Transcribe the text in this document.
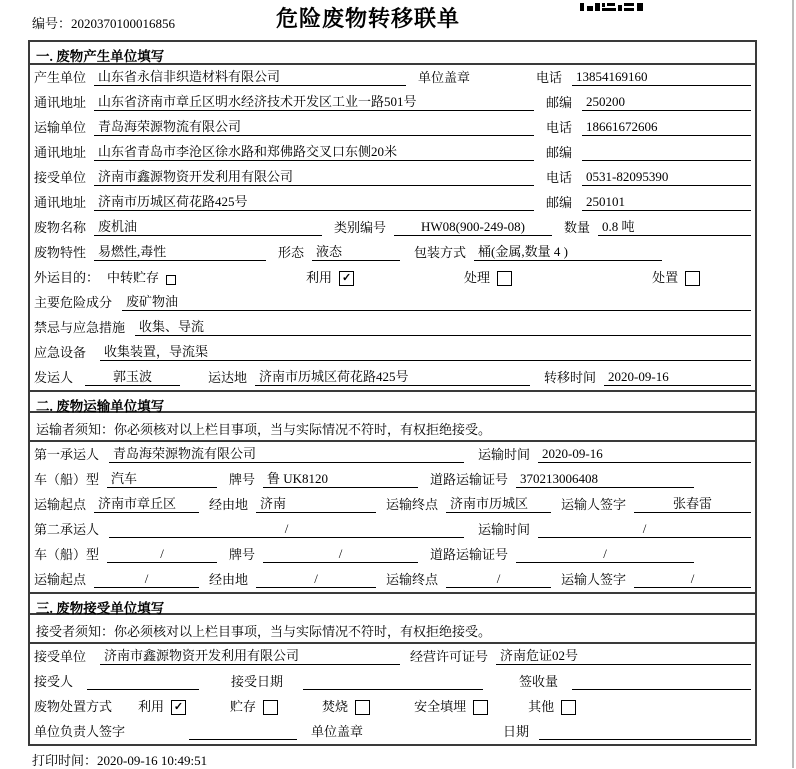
编号：2020370100016856	危险废物转移联单
一. 废物产生单位填写
产生单位 山东省永信非织造材料有限公司	单位盖章	电话	13854169160
通讯地址 山东省济南市章丘区明水经济技术开发区工业一路501号	邮编	250200
运输单位 青岛海荣源物流有限公司	电话	18661672606
通讯地址 山东省青岛市李沧区徐水路和郑佛路交叉口东侧20米	邮编
接受单位 济南市鑫源物资开发利用有限公司	电话	0531-82095390
通讯地址 济南市历城区荷花路425号	邮编	250101
废物名称 废机油	类别编号	HW08(900-249-08)	数量 0.8 吨
废物特性 易燃性,毒性	形态 液态	包装方式 桶(金属,数量 4 )
外运目的： 中转贮存	利用 ✓	处理	处置
主要危险成分	废矿物油
禁忌与应急措施	收集、导流
应急设备	收集装置，导流渠
发运人	郭玉波	运达地 济南市历城区荷花路425号	转移时间 2020-09-16
二. 废物运输单位填写
运输者须知：你必须核对以上栏目事项，当与实际情况不符时，有权拒绝接受。
第一承运人	青岛海荣源物流有限公司	运输时间 2020-09-16
车（船）型 汽车	牌号 鲁 UK8120	道路运输证号 370213006408
运输起点 济南市章丘区	经由地 济南	运输终点 济南市历城区	运输人签字	张春雷
第二承运人	/	运输时间	/
车（船）型	/	牌号	/	道路运输证号	/
运输起点	/	经由地	/	运输终点	/	运输人签字	/
三. 废物接受单位填写
接受者须知：你必须核对以上栏目事项，当与实际情况不符时，有权拒绝接受。
接受单位	济南市鑫源物资开发利用有限公司	经营许可证号 济南危证02号
接受人	接受日期	签收量
废物处置方式 利用 ✓	贮存	焚烧	安全填埋	其他
单位负责人签字	单位盖章	日期
打印时间：2020-09-16 10:49:51
